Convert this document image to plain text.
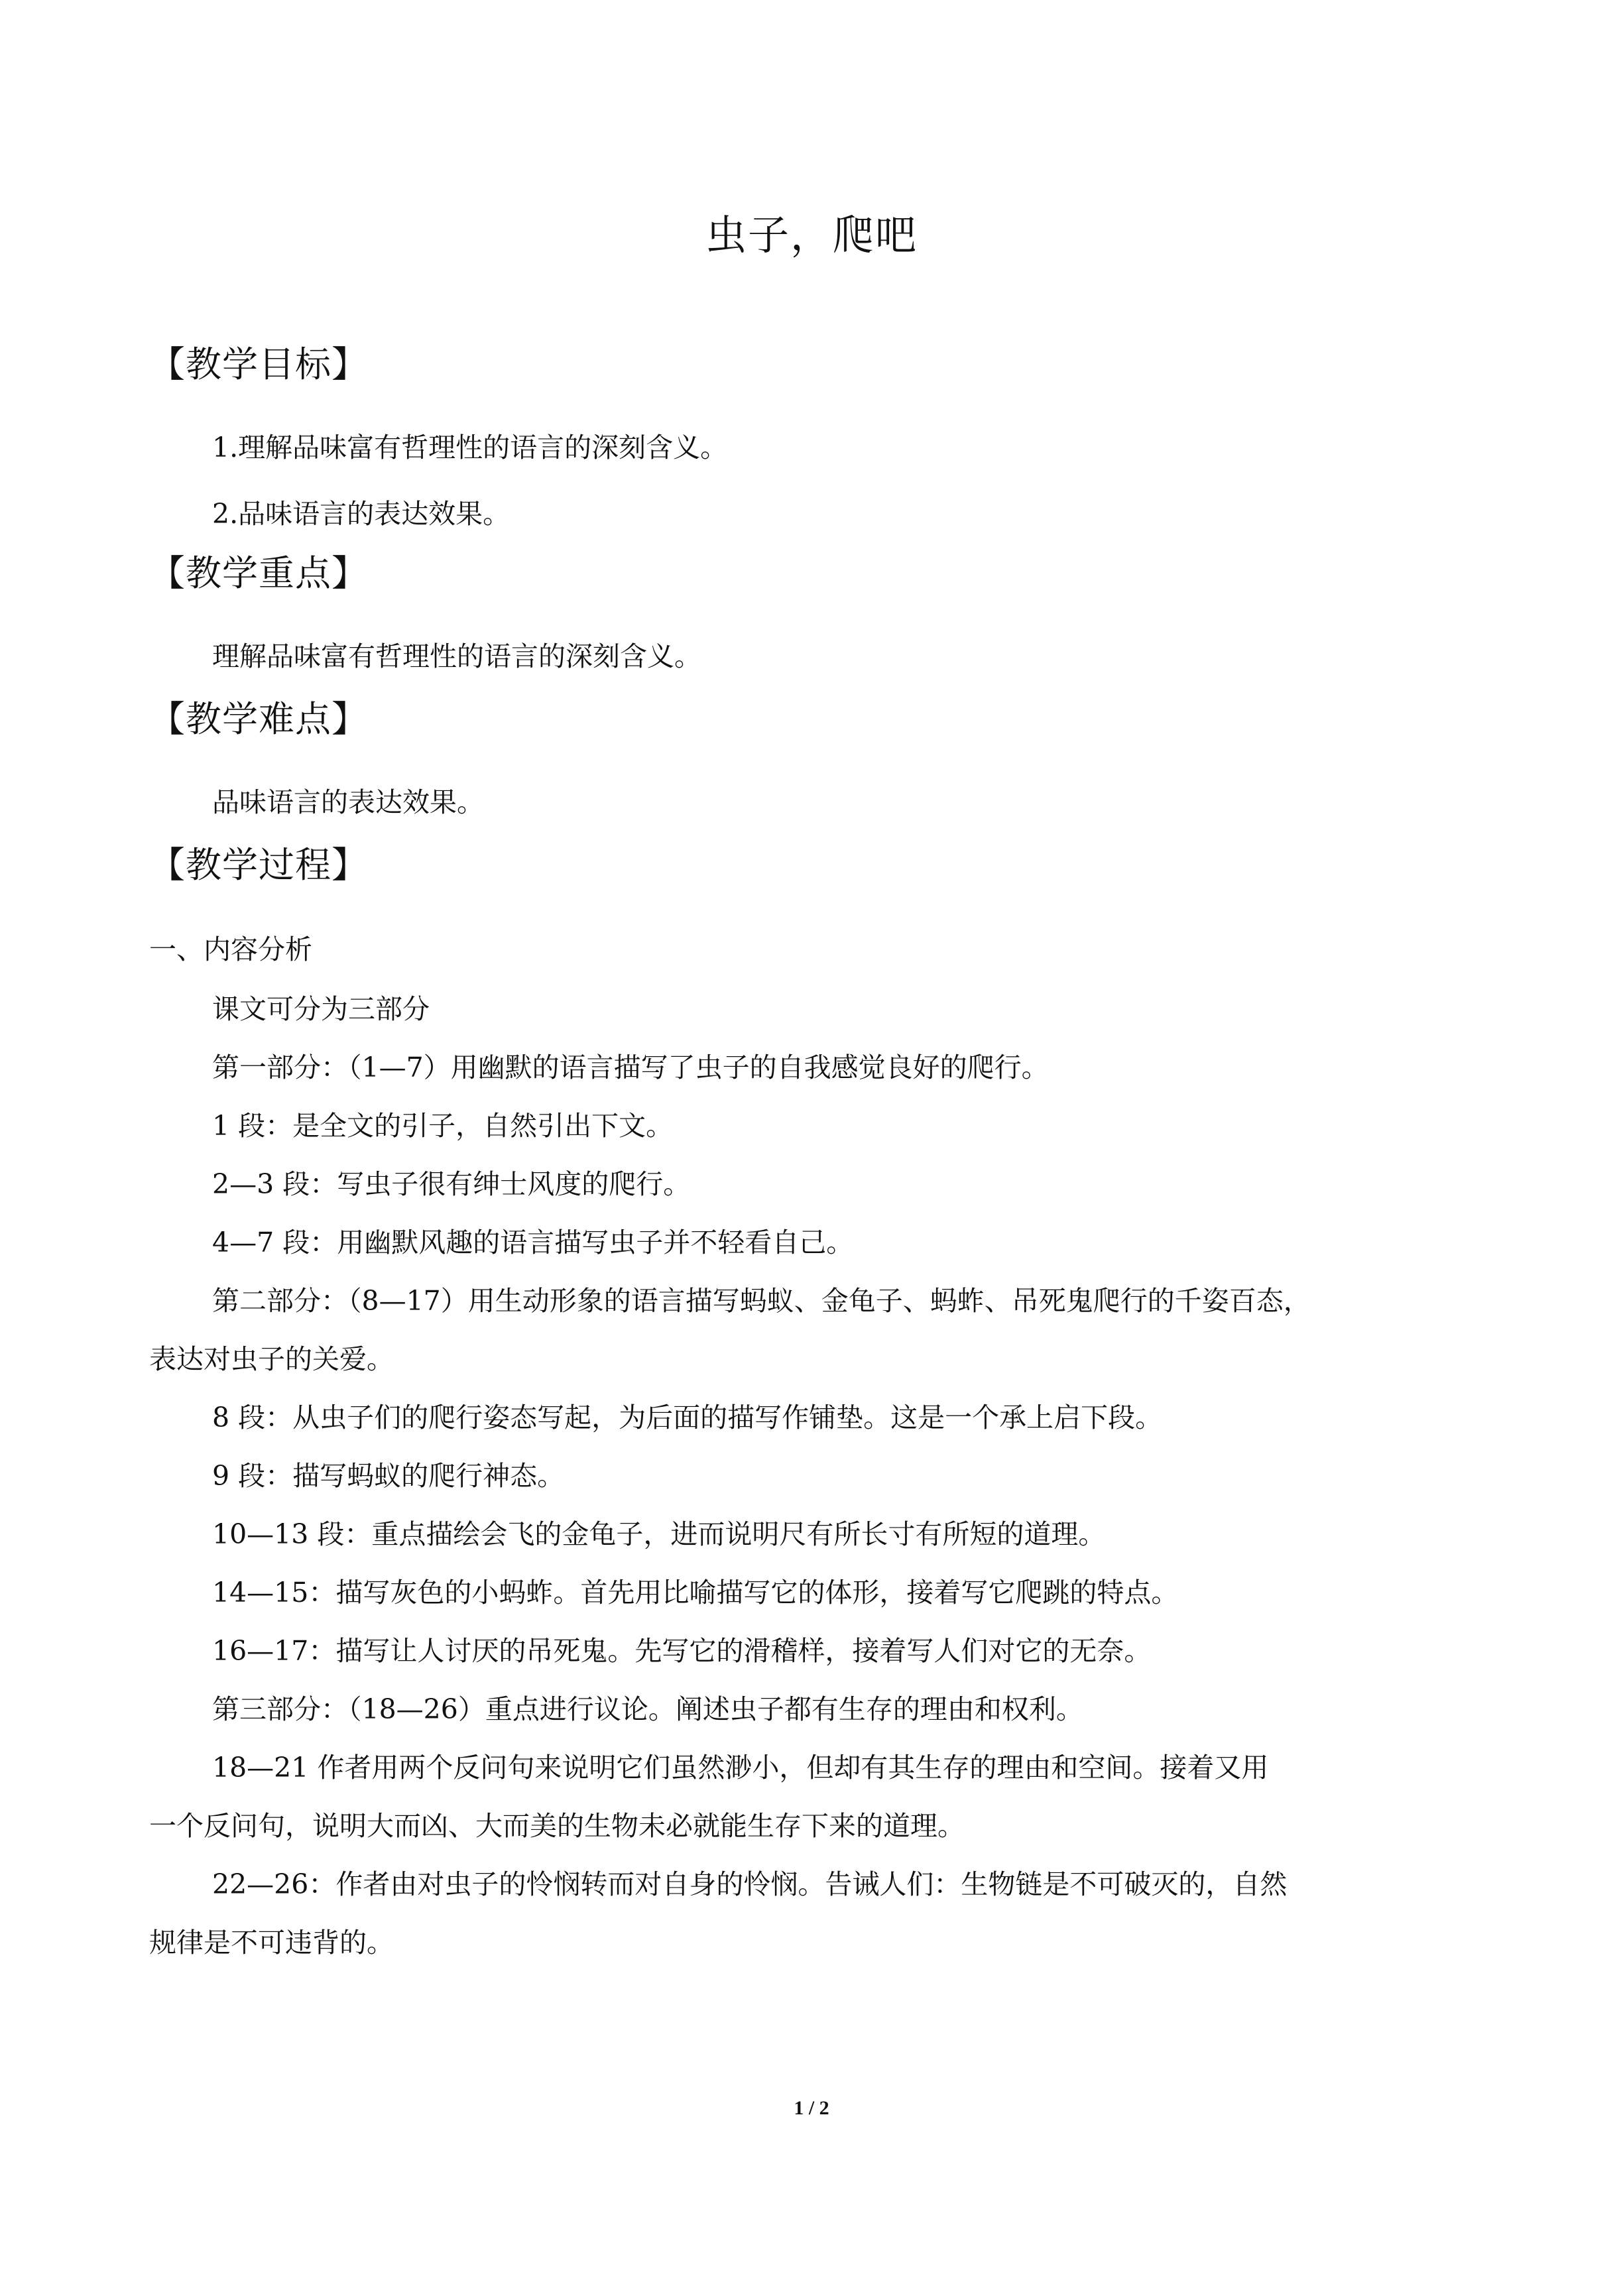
虫子，爬吧
【教学目标】
1.理解品味富有哲理性的语言的深刻含义。
2.品味语言的表达效果。
【教学重点】
理解品味富有哲理性的语言的深刻含义。
【教学难点】
品味语言的表达效果。
【教学过程】
一、内容分析
课文可分为三部分
第一部分：（1—7）用幽默的语言描写了虫子的自我感觉良好的爬行。
1 段：是全文的引子，自然引出下文。
2—3 段：写虫子很有绅士风度的爬行。
4—7 段：用幽默风趣的语言描写虫子并不轻看自己。
第二部分：（8—17）用生动形象的语言描写蚂蚁、金龟子、蚂蚱、吊死鬼爬行的千姿百态，
表达对虫子的关爱。
8 段：从虫子们的爬行姿态写起，为后面的描写作铺垫。这是一个承上启下段。
9 段：描写蚂蚁的爬行神态。
10—13 段：重点描绘会飞的金龟子，进而说明尺有所长寸有所短的道理。
14—15：描写灰色的小蚂蚱。首先用比喻描写它的体形，接着写它爬跳的特点。
16—17：描写让人讨厌的吊死鬼。先写它的滑稽样，接着写人们对它的无奈。
第三部分：（18—26）重点进行议论。阐述虫子都有生存的理由和权利。
18—21 作者用两个反问句来说明它们虽然渺小，但却有其生存的理由和空间。接着又用
一个反问句，说明大而凶、大而美的生物未必就能生存下来的道理。
22—26：作者由对虫子的怜悯转而对自身的怜悯。告诫人们：生物链是不可破灭的，自然
规律是不可违背的。
1 / 2
